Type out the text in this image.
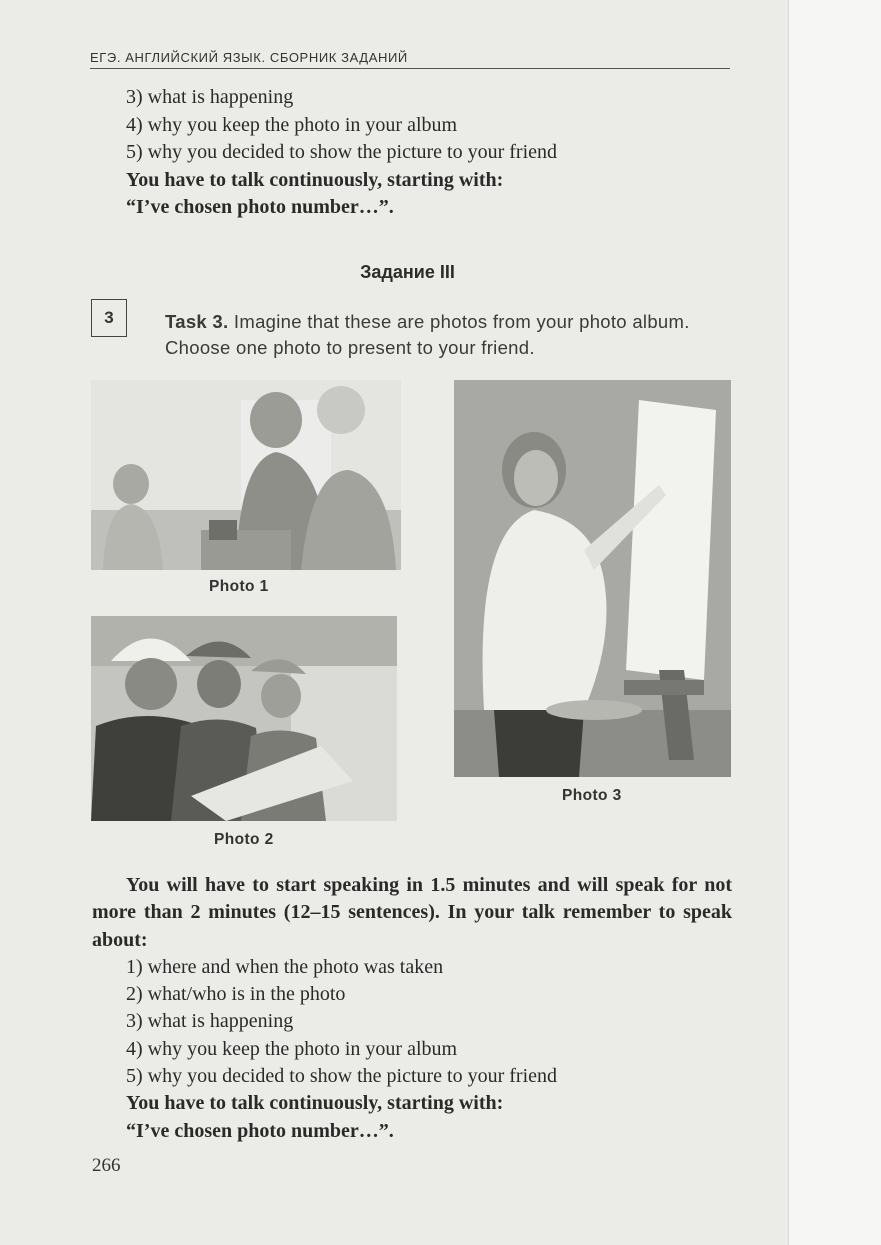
ЕГЭ. АНГЛИЙСКИЙ ЯЗЫК. СБОРНИК ЗАДАНИЙ
3) what is happening
4) why you keep the photo in your album
5) why you decided to show the picture to your friend
You have to talk continuously, starting with:
“I’ve chosen photo number…”.
Задание III
3	Task 3. Imagine that these are photos from your photo album. Choose one photo to present to your friend.
Photo 1
Photo 2
Photo 3
You will have to start speaking in 1.5 minutes and will speak for not more than 2 minutes (12–15 sentences). In your talk remember to speak about:
1) where and when the photo was taken
2) what/who is in the photo
3) what is happening
4) why you keep the photo in your album
5) why you decided to show the picture to your friend
You have to talk continuously, starting with:
“I’ve chosen photo number…”.
266
